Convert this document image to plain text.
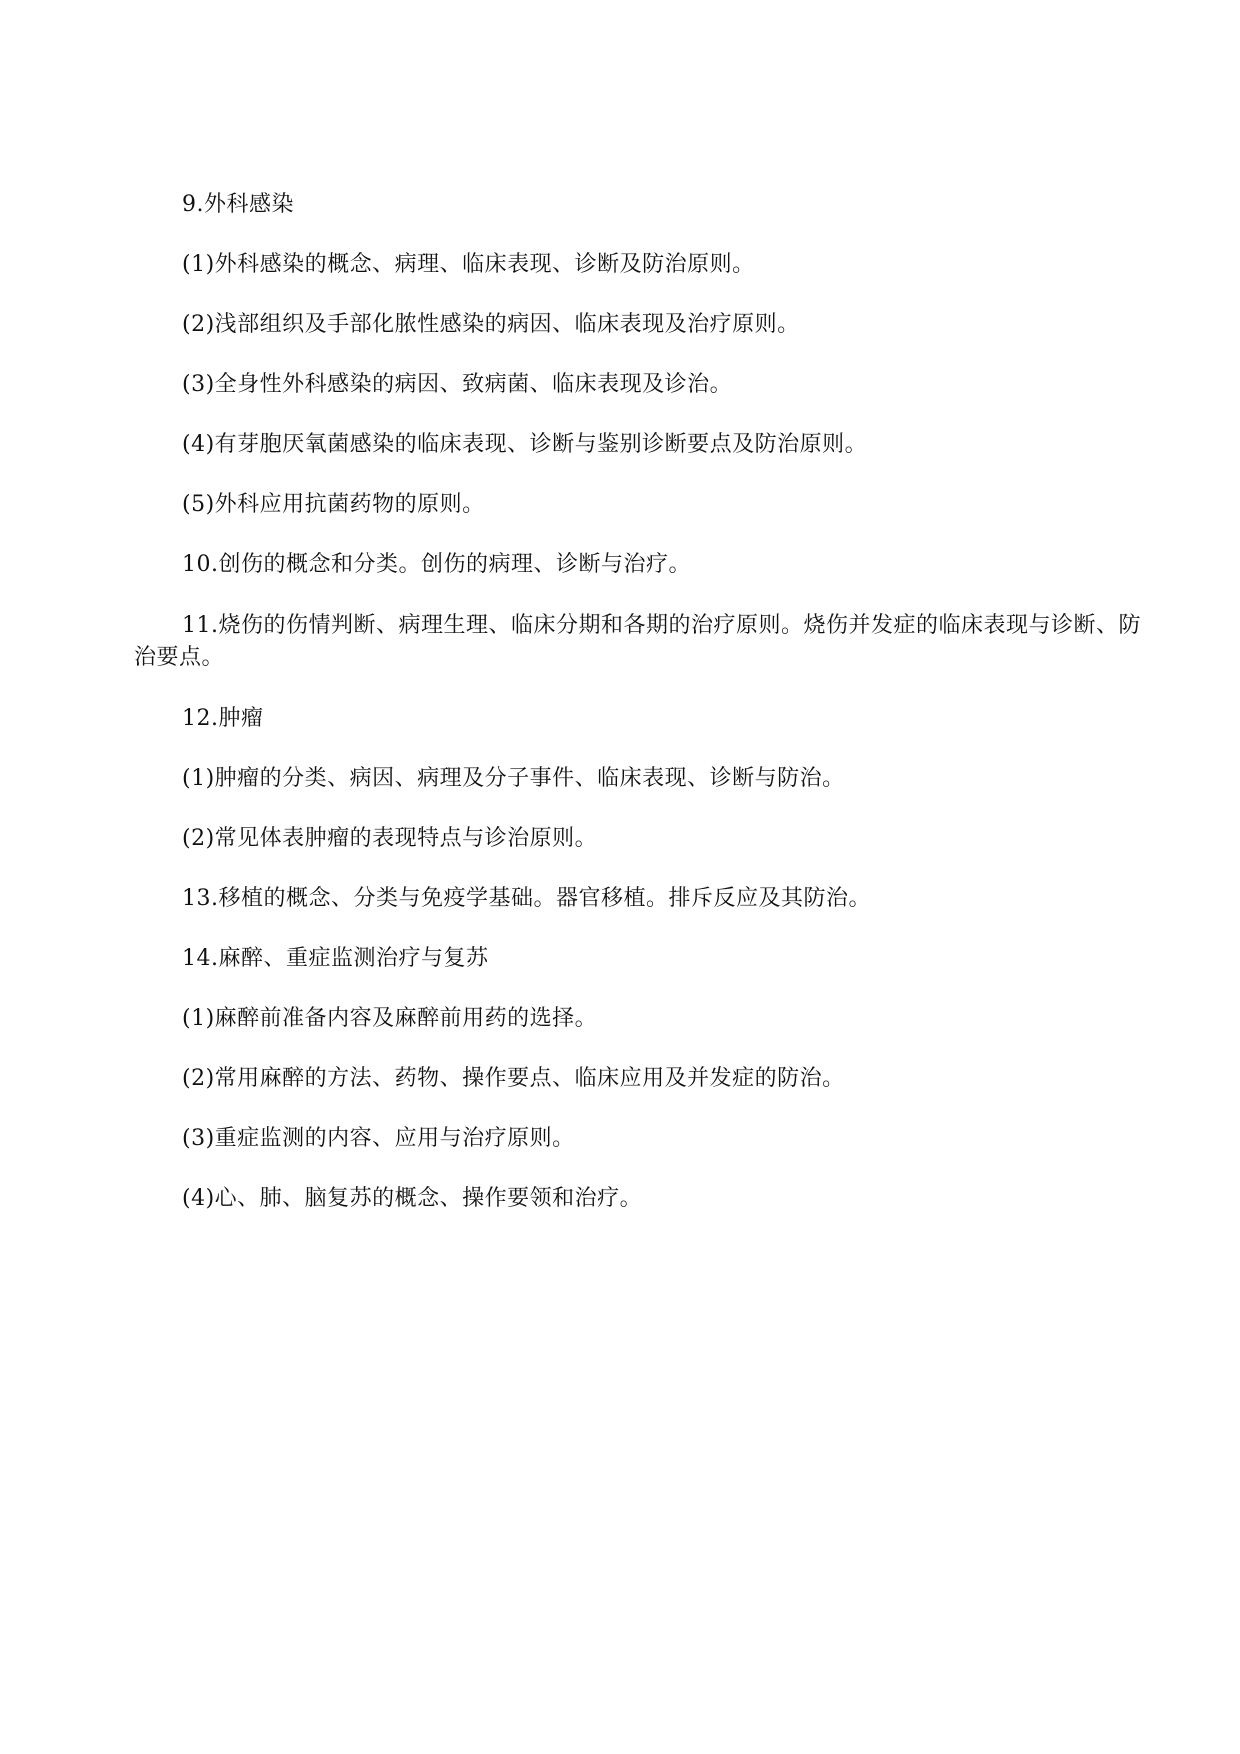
9.外科感染

(1)外科感染的概念、病理、临床表现、诊断及防治原则。

(2)浅部组织及手部化脓性感染的病因、临床表现及治疗原则。

(3)全身性外科感染的病因、致病菌、临床表现及诊治。

(4)有芽胞厌氧菌感染的临床表现、诊断与鉴别诊断要点及防治原则。

(5)外科应用抗菌药物的原则。

10.创伤的概念和分类。创伤的病理、诊断与治疗。

11.烧伤的伤情判断、病理生理、临床分期和各期的治疗原则。烧伤并发症的临床表现与诊断、防治要点。

12.肿瘤

(1)肿瘤的分类、病因、病理及分子事件、临床表现、诊断与防治。

(2)常见体表肿瘤的表现特点与诊治原则。

13.移植的概念、分类与免疫学基础。器官移植。排斥反应及其防治。

14.麻醉、重症监测治疗与复苏

(1)麻醉前准备内容及麻醉前用药的选择。

(2)常用麻醉的方法、药物、操作要点、临床应用及并发症的防治。

(3)重症监测的内容、应用与治疗原则。

(4)心、肺、脑复苏的概念、操作要领和治疗。
